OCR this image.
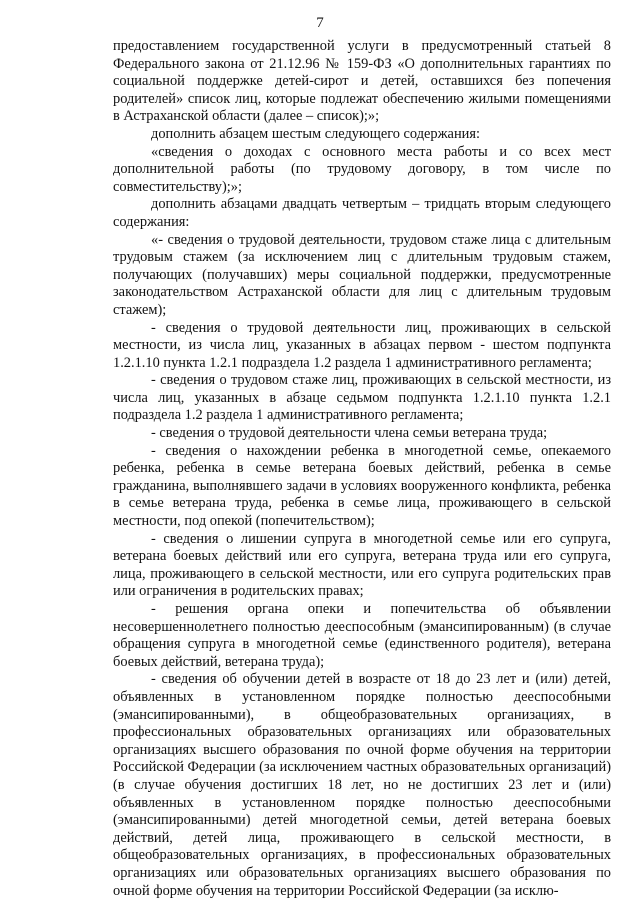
7

предоставлением государственной услуги в предусмотренный статьей 8 Федерального закона от 21.12.96 № 159-ФЗ «О дополнительных гарантиях по социальной поддержке детей-сирот и детей, оставшихся без попечения родителей» список лиц, которые подлежат обеспечению жилыми помещениями в Астраханской области (далее – список);»;

дополнить абзацем шестым следующего содержания:

«сведения о доходах с основного места работы и со всех мест дополнительной работы (по трудовому договору, в том числе по совместительству);»;

дополнить абзацами двадцать четвертым – тридцать вторым следующего содержания:

«- сведения о трудовой деятельности, трудовом стаже лица с длительным трудовым стажем (за исключением лиц с длительным трудовым стажем, получающих (получавших) меры социальной поддержки, предусмотренные законодательством Астраханской области для лиц с длительным трудовым стажем);

- сведения о трудовой деятельности лиц, проживающих в сельской местности, из числа лиц, указанных в абзацах первом - шестом подпункта 1.2.1.10 пункта 1.2.1 подраздела 1.2 раздела 1 административного регламента;

- сведения о трудовом стаже лиц, проживающих в сельской местности, из числа лиц, указанных в абзаце седьмом подпункта 1.2.1.10 пункта 1.2.1 подраздела 1.2 раздела 1 административного регламента;

- сведения о трудовой деятельности члена семьи ветерана труда;

- сведения о нахождении ребенка в многодетной семье, опекаемого ребенка, ребенка в семье ветерана боевых действий, ребенка в семье гражданина, выполнявшего задачи в условиях вооруженного конфликта, ребенка в семье ветерана труда, ребенка в семье лица, проживающего в сельской местности, под опекой (попечительством);

- сведения о лишении супруга в многодетной семье или его супруга, ветерана боевых действий или его супруга, ветерана труда или его супруга, лица, проживающего в сельской местности, или его супруга родительских прав или ограничения в родительских правах;

- решения органа опеки и попечительства об объявлении несовершеннолетнего полностью дееспособным (эмансипированным) (в случае обращения супруга в многодетной семье (единственного родителя), ветерана боевых действий, ветерана труда);

- сведения об обучении детей в возрасте от 18 до 23 лет и (или) детей, объявленных в установленном порядке полностью дееспособными (эмансипированными), в общеобразовательных организациях, в профессиональных образовательных организациях или образовательных организациях высшего образования по очной форме обучения на территории Российской Федерации (за исключением частных образовательных организаций) (в случае обучения достигших 18 лет, но не достигших 23 лет и (или) объявленных в установленном порядке полностью дееспособными (эмансипированными) детей многодетной семьи, детей ветерана боевых действий, детей лица, проживающего в сельской местности, в общеобразовательных организациях, в профессиональных образовательных организациях или образовательных организациях высшего образования по очной форме обучения на территории Российской Федерации (за исклю-
